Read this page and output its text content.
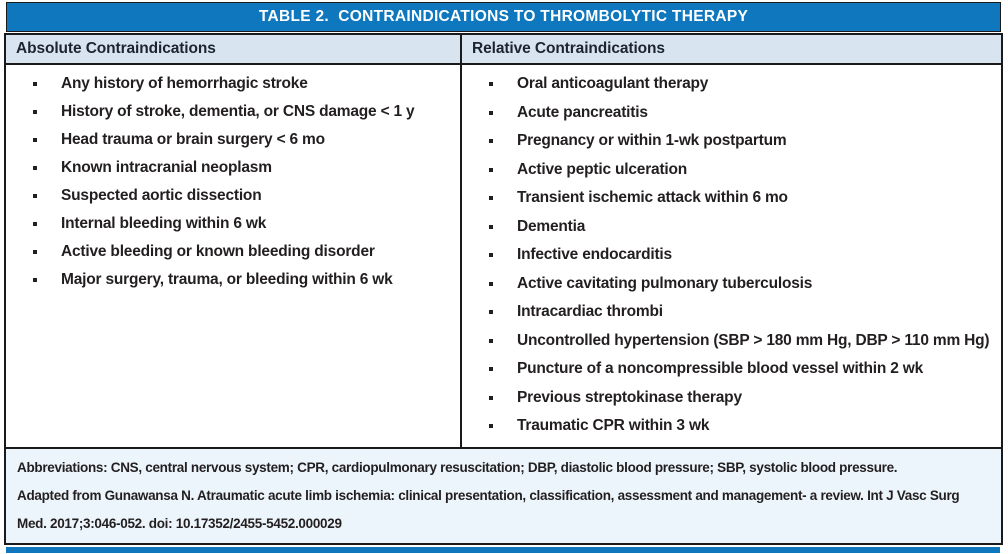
TABLE 2.  CONTRAINDICATIONS TO THROMBOLYTIC THERAPY
Absolute Contraindications	Relative Contraindications
Any history of hemorrhagic stroke
History of stroke, dementia, or CNS damage < 1 y
Head trauma or brain surgery < 6 mo
Known intracranial neoplasm
Suspected aortic dissection
Internal bleeding within 6 wk
Active bleeding or known bleeding disorder
Major surgery, trauma, or bleeding within 6 wk
Oral anticoagulant therapy
Acute pancreatitis
Pregnancy or within 1-wk postpartum
Active peptic ulceration
Transient ischemic attack within 6 mo
Dementia
Infective endocarditis
Active cavitating pulmonary tuberculosis
Intracardiac thrombi
Uncontrolled hypertension (SBP > 180 mm Hg, DBP > 110 mm Hg)
Puncture of a noncompressible blood vessel within 2 wk
Previous streptokinase therapy
Traumatic CPR within 3 wk

Abbreviations: CNS, central nervous system; CPR, cardiopulmonary resuscitation; DBP, diastolic blood pressure; SBP, systolic blood pressure.

Adapted from Gunawansa N. Atraumatic acute limb ischemia: clinical presentation, classification, assessment and management- a review. Int J Vasc Surg Med. 2017;3:046-052. doi: 10.17352/2455-5452.000029
